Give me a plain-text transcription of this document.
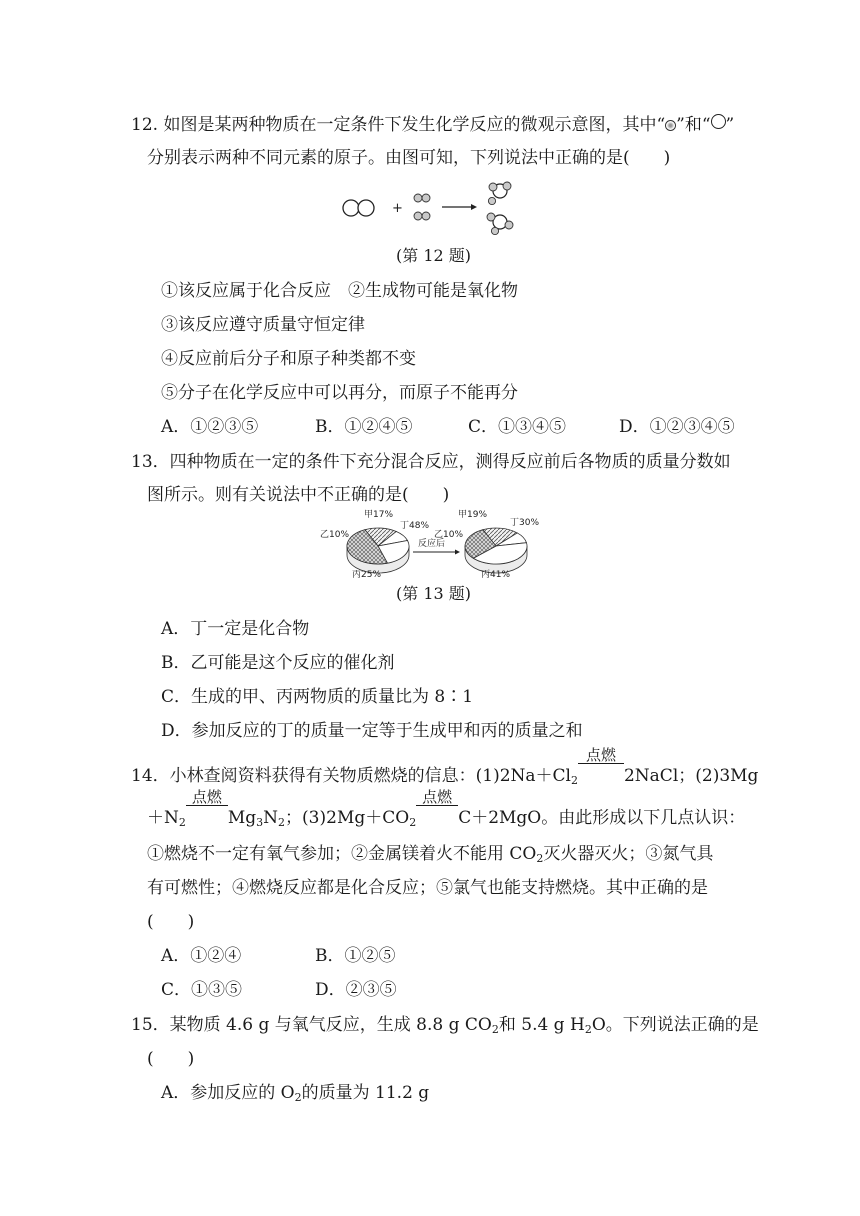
12. 如图是某两种物质在一定条件下发生化学反应的微观示意图，其中“ ”和“ ”
分别表示两种不同元素的原子。由图可知，下列说法中正确的是(　　)
+
(第 12 题)
①该反应属于化合反应　②生成物可能是氧化物
③该反应遵守质量守恒定律
④反应前后分子和原子种类都不变
⑤分子在化学反应中可以再分，而原子不能再分
A．①②③⑤	B．①②④⑤	C．①③④⑤	D．①②③④⑤
13．四种物质在一定的条件下充分混合反应，测得反应前后各物质的质量分数如
图所示。则有关说法中不正确的是(　　)
反应后
甲17%
乙10%
丙25%
丁48%
甲19%
乙10%
丙41%
丁30%
(第 13 题)
A．丁一定是化合物
B．乙可能是这个反应的催化剂
C．生成的甲、丙两物质的质量比为 8∶1
D．参加反应的丁的质量一定等于生成甲和丙的质量之和
14．小林查阅资料获得有关物质燃烧的信息：$(1)2Na+Cl_2$
点燃
2NaCl；(2)3Mg
$+N_2$
点燃
$Mg_3N_2$；$(3)2Mg+CO_2$
点燃
C＋2MgO。由此形成以下几点认识：
①燃烧不一定有氧气参加；②金属镁着火不能用 $CO_2$灭火器灭火；③氮气具
有可燃性；④燃烧反应都是化合反应；⑤氯气也能支持燃烧。其中正确的是
(　　)
A．①②④	B．①②⑤
C．①③⑤	D．②③⑤
15．某物质 4.6 g 与氧气反应，生成 8.8 g $CO_2$和 5.4 g $H_2O$。下列说法正确的是
(　　)
A．参加反应的 $O_2$的质量为 11.2 g
